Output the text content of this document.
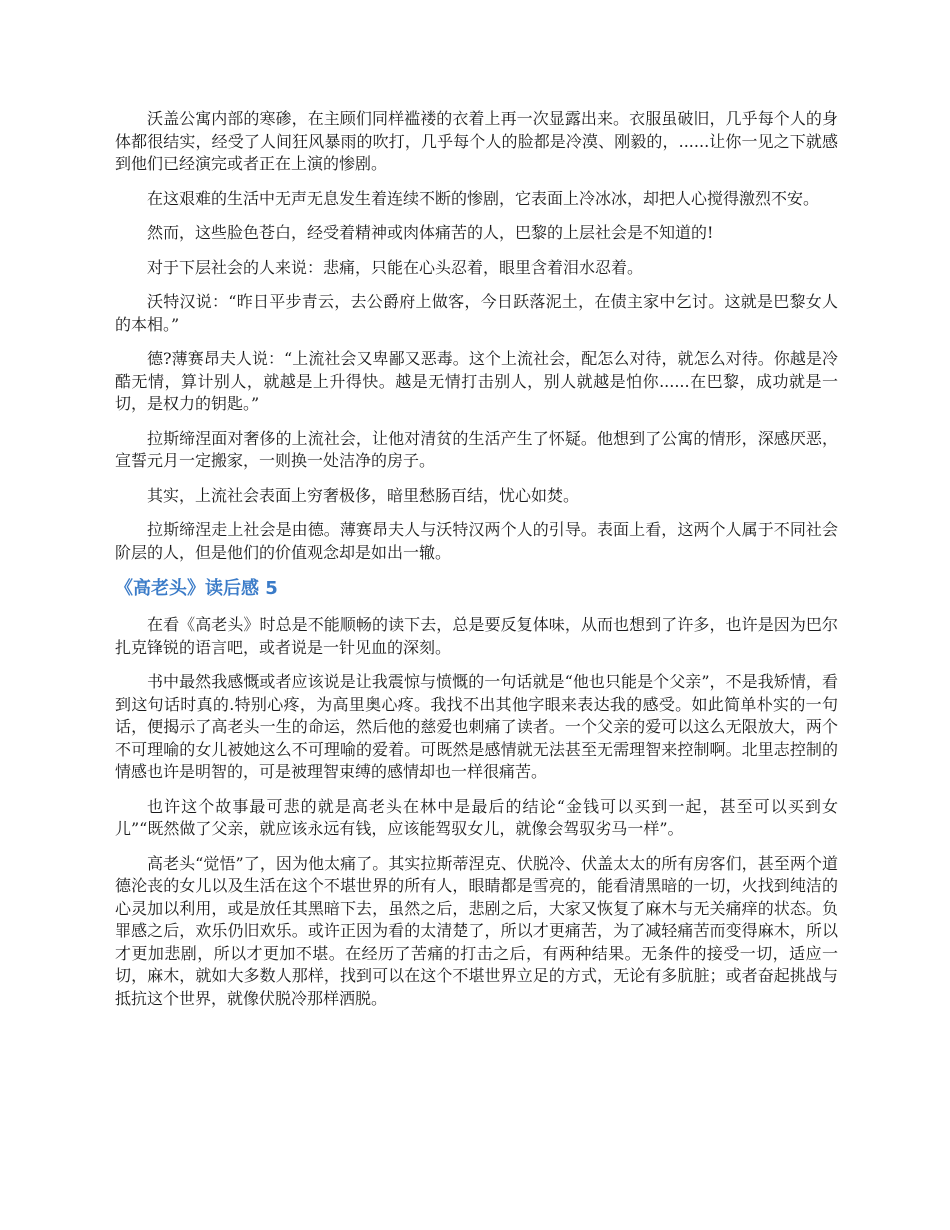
沃盖公寓内部的寒碜，在主顾们同样褴褛的衣着上再一次显露出来。衣服虽破旧，几乎每个人的身体都很结实，经受了人间狂风暴雨的吹打，几乎每个人的脸都是冷漠、刚毅的，......让你一见之下就感到他们已经演完或者正在上演的惨剧。

在这艰难的生活中无声无息发生着连续不断的惨剧，它表面上冷冰冰，却把人心搅得激烈不安。

然而，这些脸色苍白，经受着精神或肉体痛苦的人，巴黎的上层社会是不知道的!

对于下层社会的人来说：悲痛，只能在心头忍着，眼里含着泪水忍着。

沃特汉说：“昨日平步青云，去公爵府上做客，今日跃落泥土，在债主家中乞讨。这就是巴黎女人的本相。”

德?薄赛昂夫人说：“上流社会又卑鄙又恶毒。这个上流社会，配怎么对待，就怎么对待。你越是冷酷无情，算计别人，就越是上升得快。越是无情打击别人，别人就越是怕你......在巴黎，成功就是一切，是权力的钥匙。”

拉斯缔涅面对奢侈的上流社会，让他对清贫的生活产生了怀疑。他想到了公寓的情形，深感厌恶，宣誓元月一定搬家，一则换一处洁净的房子。

其实，上流社会表面上穷奢极侈，暗里愁肠百结，忧心如焚。

拉斯缔涅走上社会是由德。薄赛昂夫人与沃特汉两个人的引导。表面上看，这两个人属于不同社会阶层的人，但是他们的价值观念却是如出一辙。

《高老头》读后感 5

在看《高老头》时总是不能顺畅的读下去，总是要反复体味，从而也想到了许多，也许是因为巴尔扎克锋锐的语言吧，或者说是一针见血的深刻。

书中最然我感慨或者应该说是让我震惊与愤慨的一句话就是“他也只能是个父亲”，不是我矫情，看到这句话时真的.特别心疼，为高里奥心疼。我找不出其他字眼来表达我的感受。如此简单朴实的一句话，便揭示了高老头一生的命运，然后他的慈爱也刺痛了读者。一个父亲的爱可以这么无限放大，两个不可理喻的女儿被她这么不可理喻的爱着。可既然是感情就无法甚至无需理智来控制啊。北里志控制的情感也许是明智的，可是被理智束缚的感情却也一样很痛苦。

也许这个故事最可悲的就是高老头在林中是最后的结论“金钱可以买到一起，甚至可以买到女儿”“既然做了父亲，就应该永远有钱，应该能驾驭女儿，就像会驾驭劣马一样”。

高老头“觉悟”了，因为他太痛了。其实拉斯蒂涅克、伏脱冷、伏盖太太的所有房客们，甚至两个道德沦丧的女儿以及生活在这个不堪世界的所有人，眼睛都是雪亮的，能看清黑暗的一切，火找到纯洁的心灵加以利用，或是放任其黑暗下去，虽然之后，悲剧之后，大家又恢复了麻木与无关痛痒的状态。负罪感之后，欢乐仍旧欢乐。或许正因为看的太清楚了，所以才更痛苦，为了减轻痛苦而变得麻木，所以才更加悲剧，所以才更加不堪。在经历了苦痛的打击之后，有两种结果。无条件的接受一切，适应一切，麻木，就如大多数人那样，找到可以在这个不堪世界立足的方式，无论有多肮脏；或者奋起挑战与抵抗这个世界，就像伏脱冷那样洒脱。
